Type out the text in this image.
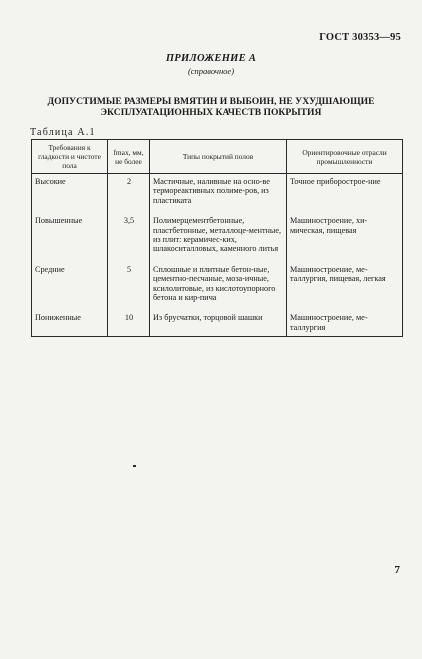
ГОСТ 30353—95
ПРИЛОЖЕНИЕ А
(справочное)
ДОПУСТИМЫЕ РАЗМЕРЫ ВМЯТИН И ВЫБОИН, НЕ УХУДШАЮЩИЕ
ЭКСПЛУАТАЦИОННЫХ КАЧЕСТВ ПОКРЫТИЯ
Таблица А.1
Требования к гладкости и чистоте пола	fmax, мм, не более	Типы покрытий полов	Ориентировочные отрасли промышленности
Высокие	2	Мастичные, наливные на осно-ве термореактивных полиме-ров, из пластиката	Точное приборострое-ние
Повышенные	3,5	Полимерцементбетонные, пластбетонные, металлоце-ментные, из плит: керамичес-ких, шлакоситалловых, каменного литья	Машиностроение, хи-мическая, пищевая
Средние	5	Сплошные и плитные бетон-ные, цементно-песчаные, моза-ичные, ксилолитовые, из кислотоупорного бетона и кир-пича	Машиностроение, ме-таллургия, пищевая, легкая
Пониженные	10	Из брусчатки, торцовой шашки	Машиностроение, ме-таллургия
7
